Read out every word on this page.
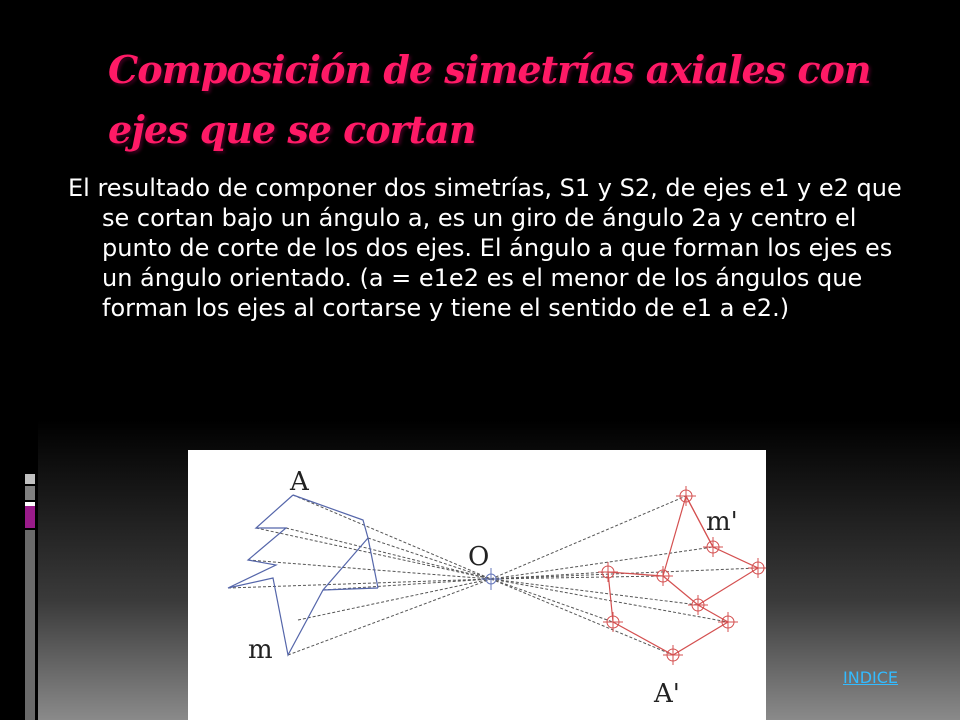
Composición de simetrías axiales con ejes que se cortan

El resultado de componer dos simetrías, S1 y S2, de ejes e1 y e2 que se cortan bajo un ángulo a, es un giro de ángulo 2a y centro el punto de corte de los dos ejes. El ángulo a que forman los ejes es un ángulo orientado. (a = e1e2 es el menor de los ángulos que forman los ejes al cortarse y tiene el sentido de e1 a e2.)

A
O
m
m'
A'
INDICE
